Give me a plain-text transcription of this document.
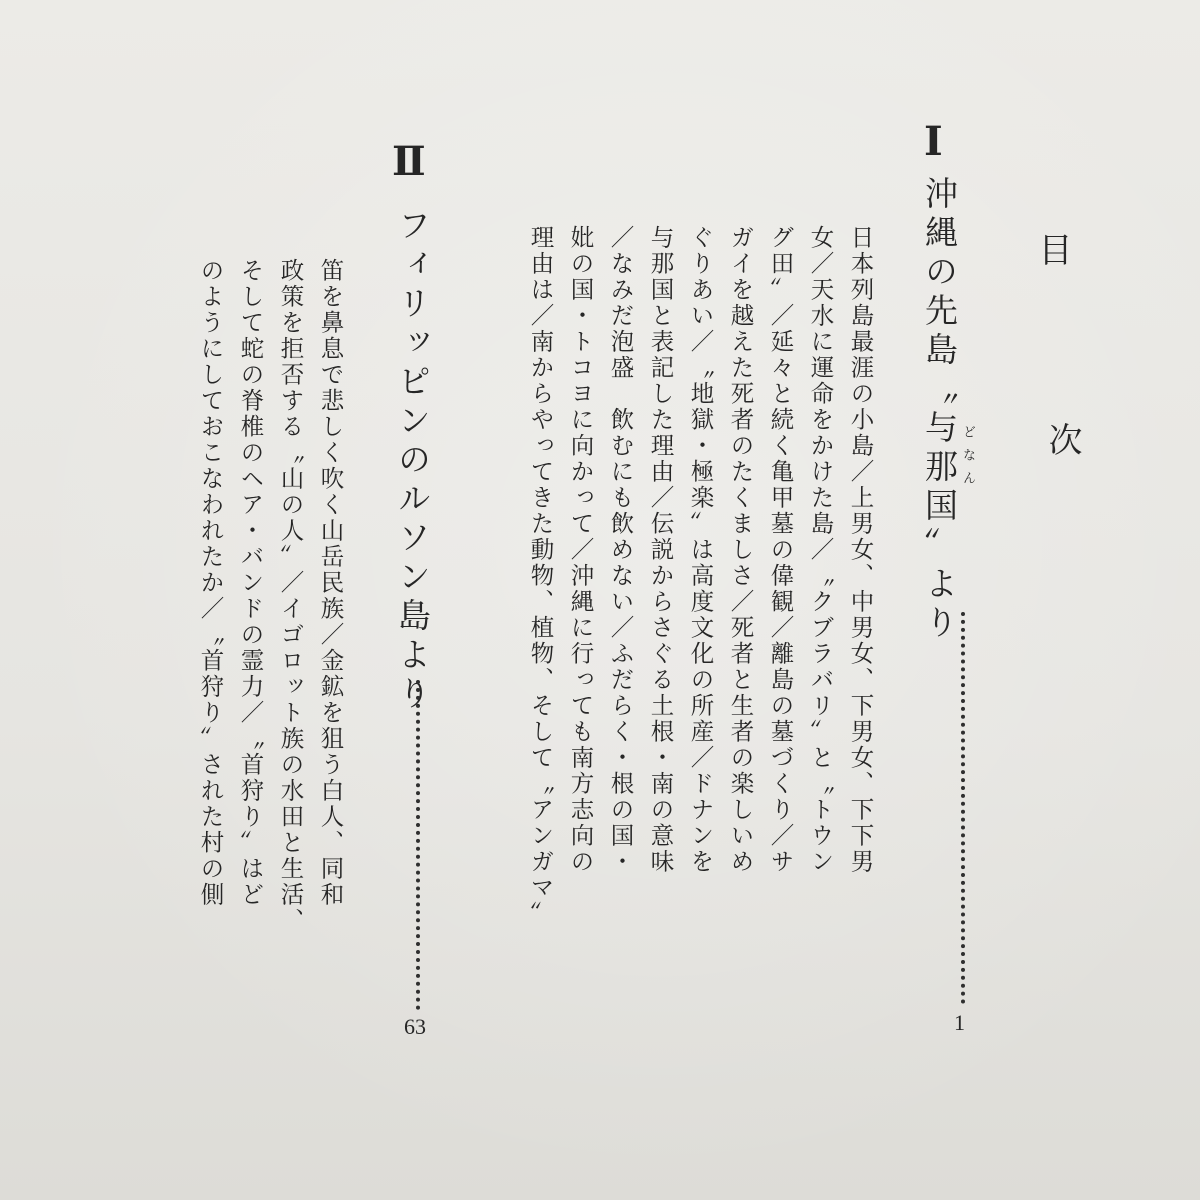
目
次
Ⅰ
沖縄の先島〝与那国〟より どなん
1
日本列島最涯の小島／上男女、中男女、下男女、下下男
女／天水に運命をかけた島／〝クブラバリ〟と〝トウン
グ田〟／延々と続く亀甲墓の偉観／離島の墓づくり／サ
ガイを越えた死者のたくましさ／死者と生者の楽しいめ
ぐりあい／〝地獄・極楽〟は高度文化の所産／ドナンを
与那国と表記した理由／伝説からさぐる土根・南の意味
／なみだ泡盛　飲むにも飲めない／ふだらく・根の国・
妣の国・トコヨに向かって／沖縄に行っても南方志向の
理由は／南からやってきた動物、植物、そして〝アンガマ〟
Ⅱ
フィリッピンのルソン島より
63
笛を鼻息で悲しく吹く山岳民族／金鉱を狙う白人、同和
政策を拒否する〝山の人〟／イゴロット族の水田と生活、
そして蛇の脊椎のヘア・バンドの霊力／〝首狩り〟はど
のようにしておこなわれたか／〝首狩り〟された村の側
